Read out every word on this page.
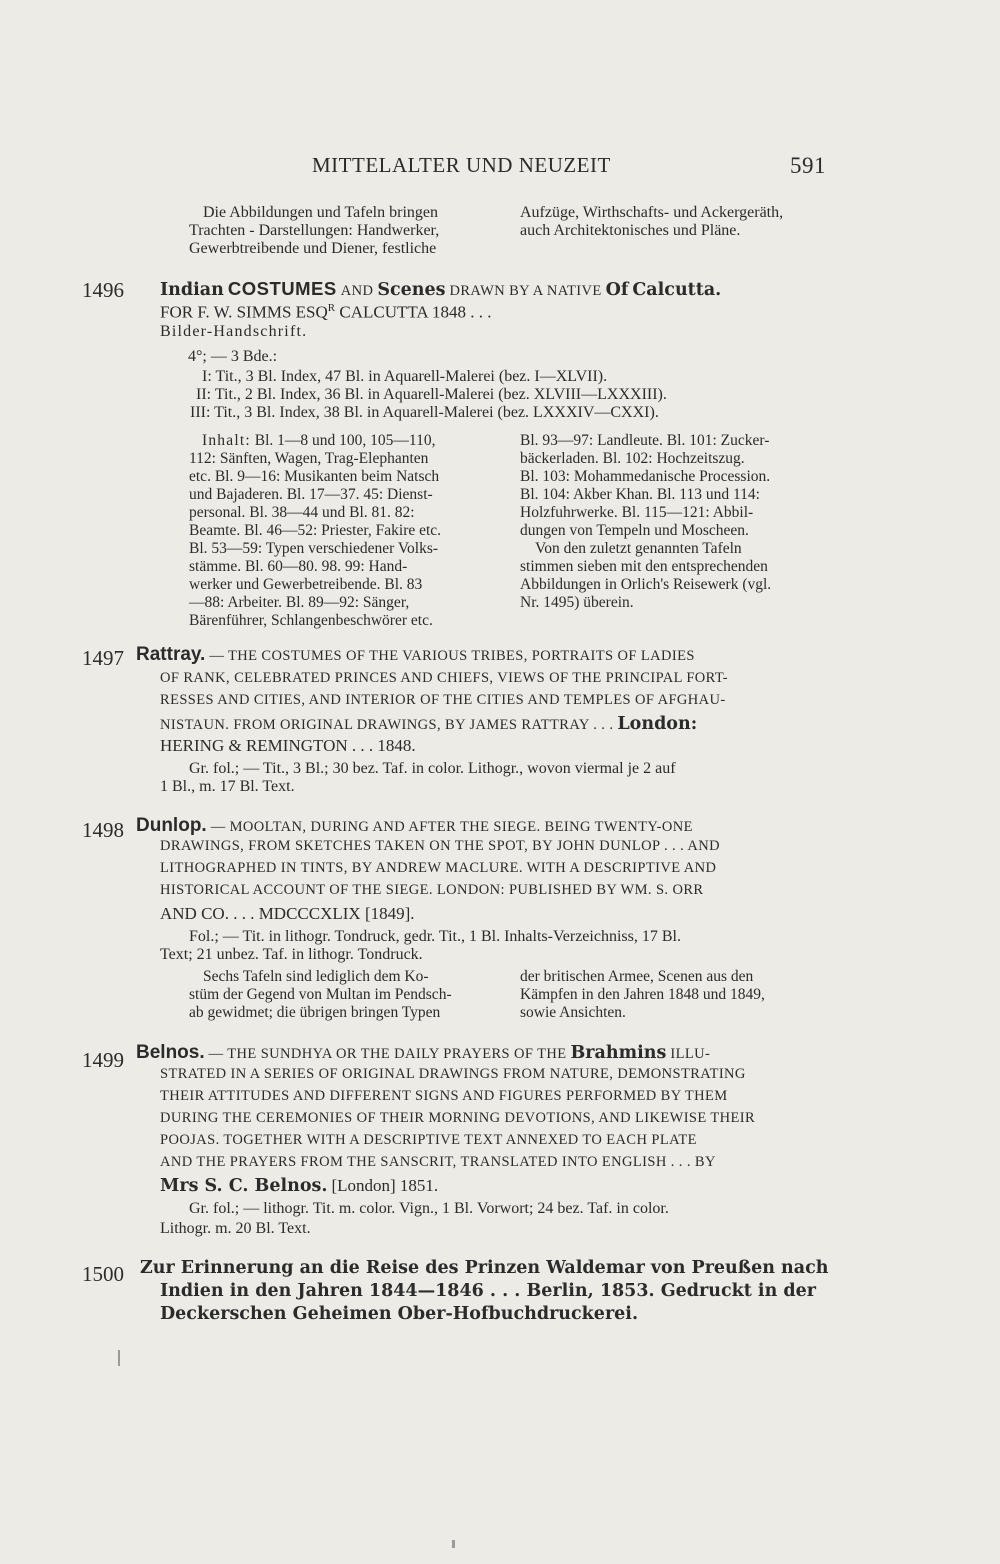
MITTELALTER UND NEUZEIT	591
Die Abbildungen und Tafeln bringen
Trachten - Darstellungen: Handwerker,
Gewerbtreibende und Diener, festliche
Aufzüge, Wirthschafts- und Ackergeräth,
auch Architektonisches und Pläne.
1496 Indian COSTUMES AND Scenes DRAWN BY A NATIVE Of Calcutta.
FOR F. W. SIMMS $ESQ^R$ CALCUTTA 1848 . . .
Bilder-Handschrift.
4°; — 3 Bde.:
I: Tit., 3 Bl. Index, 47 Bl. in Aquarell-Malerei (bez. I—XLVII).
II: Tit., 2 Bl. Index, 36 Bl. in Aquarell-Malerei (bez. XLVIII—LXXXIII).
III: Tit., 3 Bl. Index, 38 Bl. in Aquarell-Malerei (bez. LXXXIV—CXXI).
Inhalt: Bl. 1—8 und 100, 105—110,
112: Sänften, Wagen, Trag-Elephanten
etc. Bl. 9—16: Musikanten beim Natsch
und Bajaderen. Bl. 17—37. 45: Dienst-
personal. Bl. 38—44 und Bl. 81. 82:
Beamte. Bl. 46—52: Priester, Fakire etc.
Bl. 53—59: Typen verschiedener Volks-
stämme. Bl. 60—80. 98. 99: Hand-
werker und Gewerbetreibende. Bl. 83
—88: Arbeiter. Bl. 89—92: Sänger,
Bärenführer, Schlangenbeschwörer etc.
Bl. 93—97: Landleute. Bl. 101: Zucker-
bäckerladen. Bl. 102: Hochzeitszug.
Bl. 103: Mohammedanische Procession.
Bl. 104: Akber Khan. Bl. 113 und 114:
Holzfuhrwerke. Bl. 115—121: Abbil-
dungen von Tempeln und Moscheen.
Von den zuletzt genannten Tafeln
stimmen sieben mit den entsprechenden
Abbildungen in Orlich's Reisewerk (vgl.
Nr. 1495) überein.
1497 Rattray. — THE COSTUMES OF THE VARIOUS TRIBES, PORTRAITS OF LADIES
OF RANK, CELEBRATED PRINCES AND CHIEFS, VIEWS OF THE PRINCIPAL FORT-
RESSES AND CITIES, AND INTERIOR OF THE CITIES AND TEMPLES OF AFGHAU-
NISTAUN. FROM ORIGINAL DRAWINGS, BY JAMES RATTRAY . . . London:
HERING & REMINGTON . . . 1848.
Gr. fol.; — Tit., 3 Bl.; 30 bez. Taf. in color. Lithogr., wovon viermal je 2 auf
1 Bl., m. 17 Bl. Text.
1498 Dunlop. — MOOLTAN, DURING AND AFTER THE SIEGE. BEING TWENTY-ONE
DRAWINGS, FROM SKETCHES TAKEN ON THE SPOT, BY JOHN DUNLOP . . . AND
LITHOGRAPHED IN TINTS, BY ANDREW MACLURE. WITH A DESCRIPTIVE AND
HISTORICAL ACCOUNT OF THE SIEGE. LONDON: PUBLISHED BY WM. S. ORR
AND CO. . . . MDCCCXLIX [1849].
Fol.; — Tit. in lithogr. Tondruck, gedr. Tit., 1 Bl. Inhalts-Verzeichniss, 17 Bl.
Text; 21 unbez. Taf. in lithogr. Tondruck.
Sechs Tafeln sind lediglich dem Ko-
stüm der Gegend von Multan im Pendsch-
ab gewidmet; die übrigen bringen Typen
der britischen Armee, Scenen aus den
Kämpfen in den Jahren 1848 und 1849,
sowie Ansichten.
1499 Belnos. — THE SUNDHYA OR THE DAILY PRAYERS OF THE Brahmins ILLU-
STRATED IN A SERIES OF ORIGINAL DRAWINGS FROM NATURE, DEMONSTRATING
THEIR ATTITUDES AND DIFFERENT SIGNS AND FIGURES PERFORMED BY THEM
DURING THE CEREMONIES OF THEIR MORNING DEVOTIONS, AND LIKEWISE THEIR
POOJAS. TOGETHER WITH A DESCRIPTIVE TEXT ANNEXED TO EACH PLATE
AND THE PRAYERS FROM THE SANSCRIT, TRANSLATED INTO ENGLISH . . . BY
Mrs S. C. Belnos. [London] 1851.
Gr. fol.; — lithogr. Tit. m. color. Vign., 1 Bl. Vorwort; 24 bez. Taf. in color.
Lithogr. m. 20 Bl. Text.
1500 Zur Erinnerung an die Reise des Prinzen Waldemar von Preußen nach
Indien in den Jahren 1844—1846 . . . Berlin, 1853. Gedruckt in der
Deckerschen Geheimen Ober-Hofbuchdruckerei.
